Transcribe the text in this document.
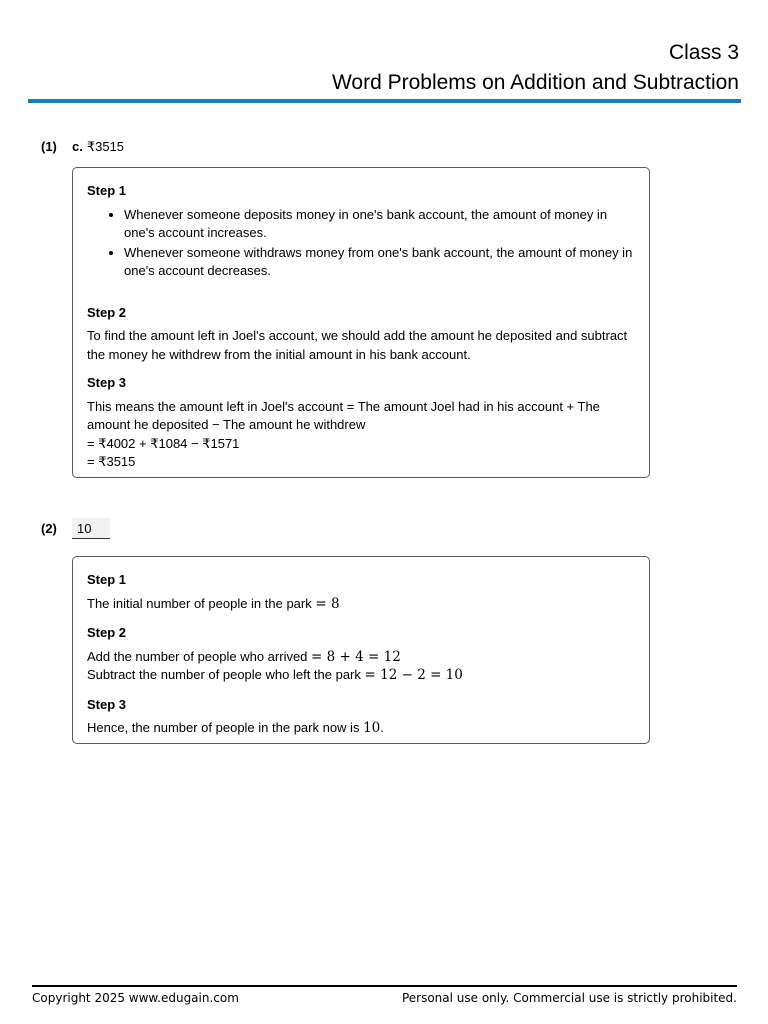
Class 3
Word Problems on Addition and Subtraction
(1) c. ₹3515

Step 1

• Whenever someone deposits money in one's bank account, the amount of money in one's account increases.
• Whenever someone withdraws money from one's bank account, the amount of money in one's account decreases.

Step 2

To find the amount left in Joel's account, we should add the amount he deposited and subtract the money he withdrew from the initial amount in his bank account.

Step 3

This means the amount left in Joel's account = The amount Joel had in his account + The amount he deposited − The amount he withdrew

= ₹4002 + ₹1084 − ₹1571

= ₹3515

(2)	10

Step 1

The initial number of people in the park = 8

Step 2

Add the number of people who arrived = 8 + 4 = 12

Subtract the number of people who left the park = 12 − 2 = 10

Step 3

Hence, the number of people in the park now is 10.

Copyright 2025 www.edugain.com	Personal use only. Commercial use is strictly prohibited.
